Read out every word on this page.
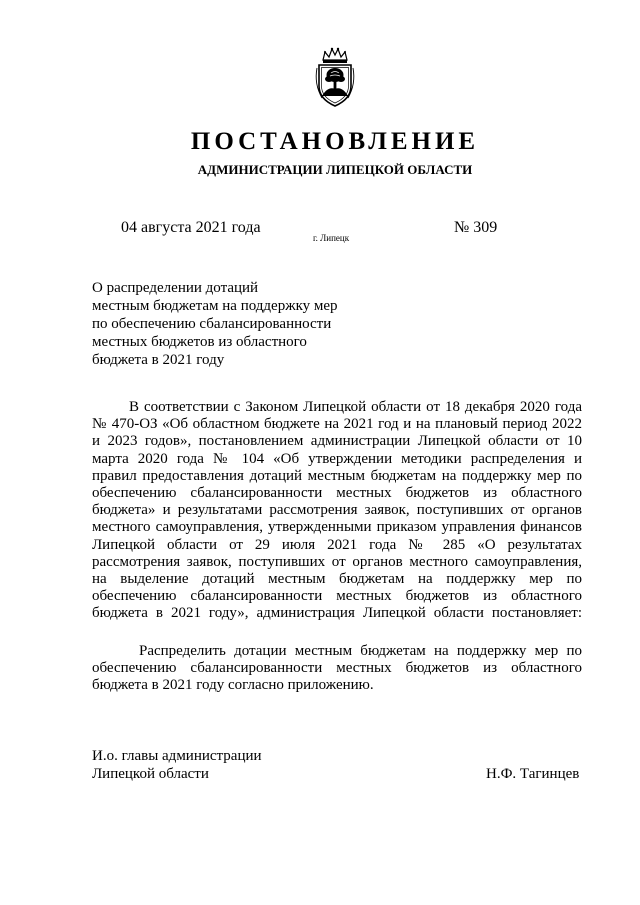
ПОСТАНОВЛЕНИЕ
АДМИНИСТРАЦИИ ЛИПЕЦКОЙ ОБЛАСТИ
04 августа 2021 года
г. Липецк
№ 309
О распределении дотаций
местным бюджетам на поддержку мер
по обеспечению сбалансированности
местных бюджетов из областного
бюджета в 2021 году
В соответствии с Законом Липецкой области от 18 декабря 2020 года
№ 470-ОЗ «Об областном бюджете на 2021 год и на плановый период 2022
и 2023 годов», постановлением администрации Липецкой области от 10
марта 2020 года № 104 «Об утверждении методики распределения и
правил предоставления дотаций местным бюджетам на поддержку мер по
обеспечению сбалансированности местных бюджетов из областного
бюджета» и результатами рассмотрения заявок, поступивших от органов
местного самоуправления, утвержденными приказом управления финансов
Липецкой области от 29 июля 2021 года № 285 «О результатах
рассмотрения заявок, поступивших от органов местного самоуправления,
на выделение дотаций местным бюджетам на поддержку мер по
обеспечению сбалансированности местных бюджетов из областного
бюджета в 2021 году», администрация Липецкой области постановляет:
Распределить дотации местным бюджетам на поддержку мер по
обеспечению сбалансированности местных бюджетов из областного
бюджета в 2021 году согласно приложению.
И.о. главы администрации
Липецкой области	Н.Ф. Тагинцев
